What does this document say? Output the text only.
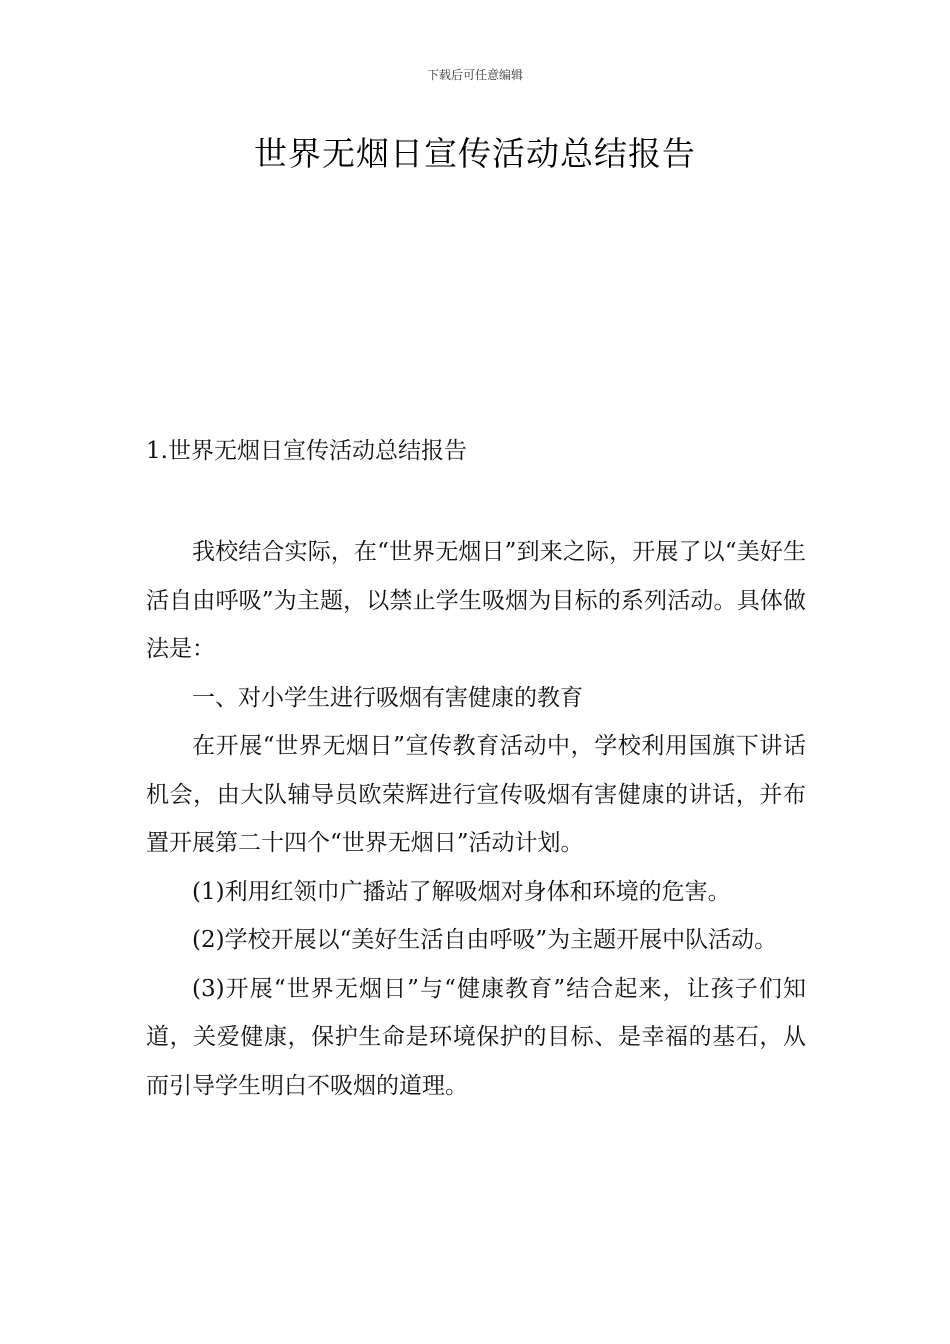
下载后可任意编辑
世界无烟日宣传活动总结报告
1.世界无烟日宣传活动总结报告

我校结合实际，在“世界无烟日”到来之际，开展了以“美好生活自由呼吸”为主题，以禁止学生吸烟为目标的系列活动。具体做法是：

一、对小学生进行吸烟有害健康的教育

在开展“世界无烟日”宣传教育活动中，学校利用国旗下讲话机会，由大队辅导员欧荣辉进行宣传吸烟有害健康的讲话，并布置开展第二十四个“世界无烟日”活动计划。

(1)利用红领巾广播站了解吸烟对身体和环境的危害。

(2)学校开展以“美好生活自由呼吸”为主题开展中队活动。

(3)开展“世界无烟日”与“健康教育”结合起来，让孩子们知道，关爱健康，保护生命是环境保护的目标、是幸福的基石，从而引导学生明白不吸烟的道理。
